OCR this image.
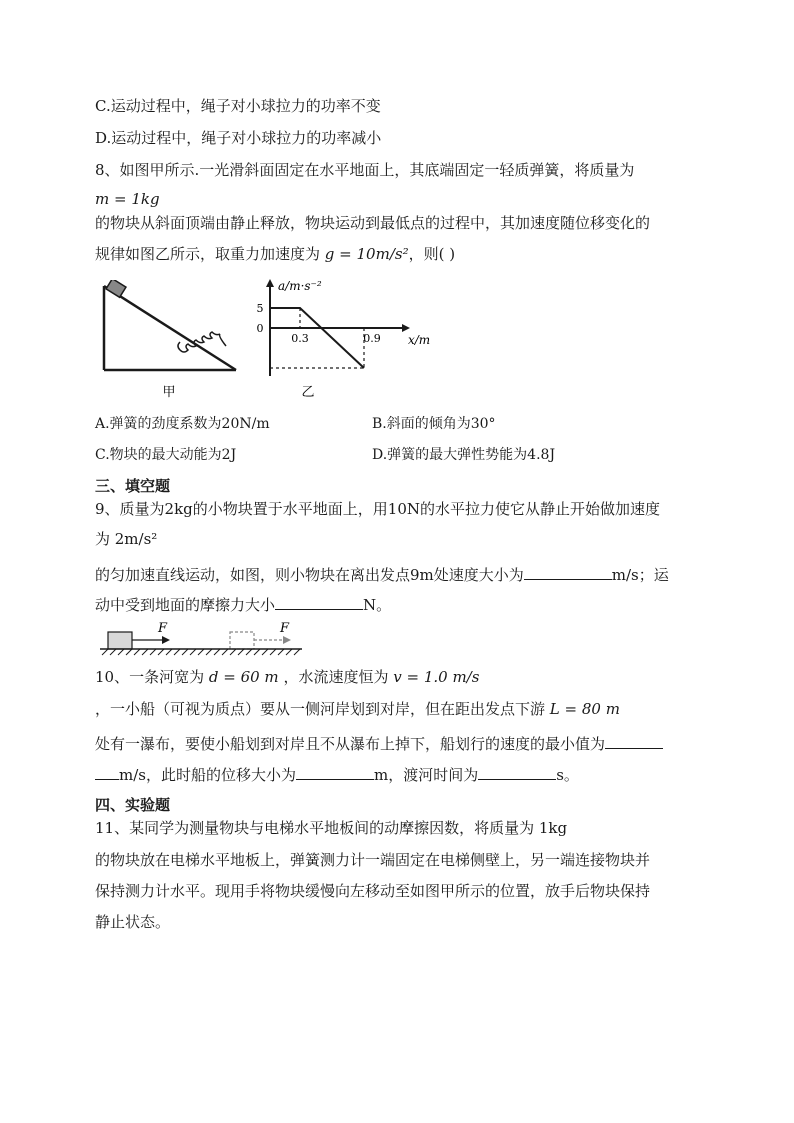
C.运动过程中，绳子对小球拉力的功率不变
D.运动过程中，绳子对小球拉力的功率减小
8、如图甲所示.一光滑斜面固定在水平地面上，其底端固定一轻质弹簧，将质量为
m = 1kg
的物块从斜面顶端由静止释放，物块运动到最低点的过程中，其加速度随位移变化的
规律如图乙所示，取重力加速度为 g = 10m/s²，则( )
甲
a/m·s⁻²
5
0
0.3	0.9 x/m
乙
A.弹簧的劲度系数为20N/m	B.斜面的倾角为30°
C.物块的最大动能为2J	D.弹簧的最大弹性势能为4.8J
三、填空题
9、质量为2kg的小物块置于水平地面上，用10N的水平拉力使它从静止开始做加速度
为 2m/s²
的匀加速直线运动，如图，则小物块在离出发点9m处速度大小为	m/s；运
动中受到地面的摩擦力大小	N。
F	F
10、一条河宽为 d = 60 m ，水流速度恒为 v = 1.0 m/s
，一小船（可视为质点）要从一侧河岸划到对岸，但在距出发点下游 L = 80 m
处有一瀑布，要使小船划到对岸且不从瀑布上掉下，船划行的速度的最小值为
m/s，此时船的位移大小为	m，渡河时间为	s。
四、实验题
11、某同学为测量物块与电梯水平地板间的动摩擦因数，将质量为 1kg
的物块放在电梯水平地板上，弹簧测力计一端固定在电梯侧壁上，另一端连接物块并
保持测力计水平。现用手将物块缓慢向左移动至如图甲所示的位置，放手后物块保持
静止状态。
